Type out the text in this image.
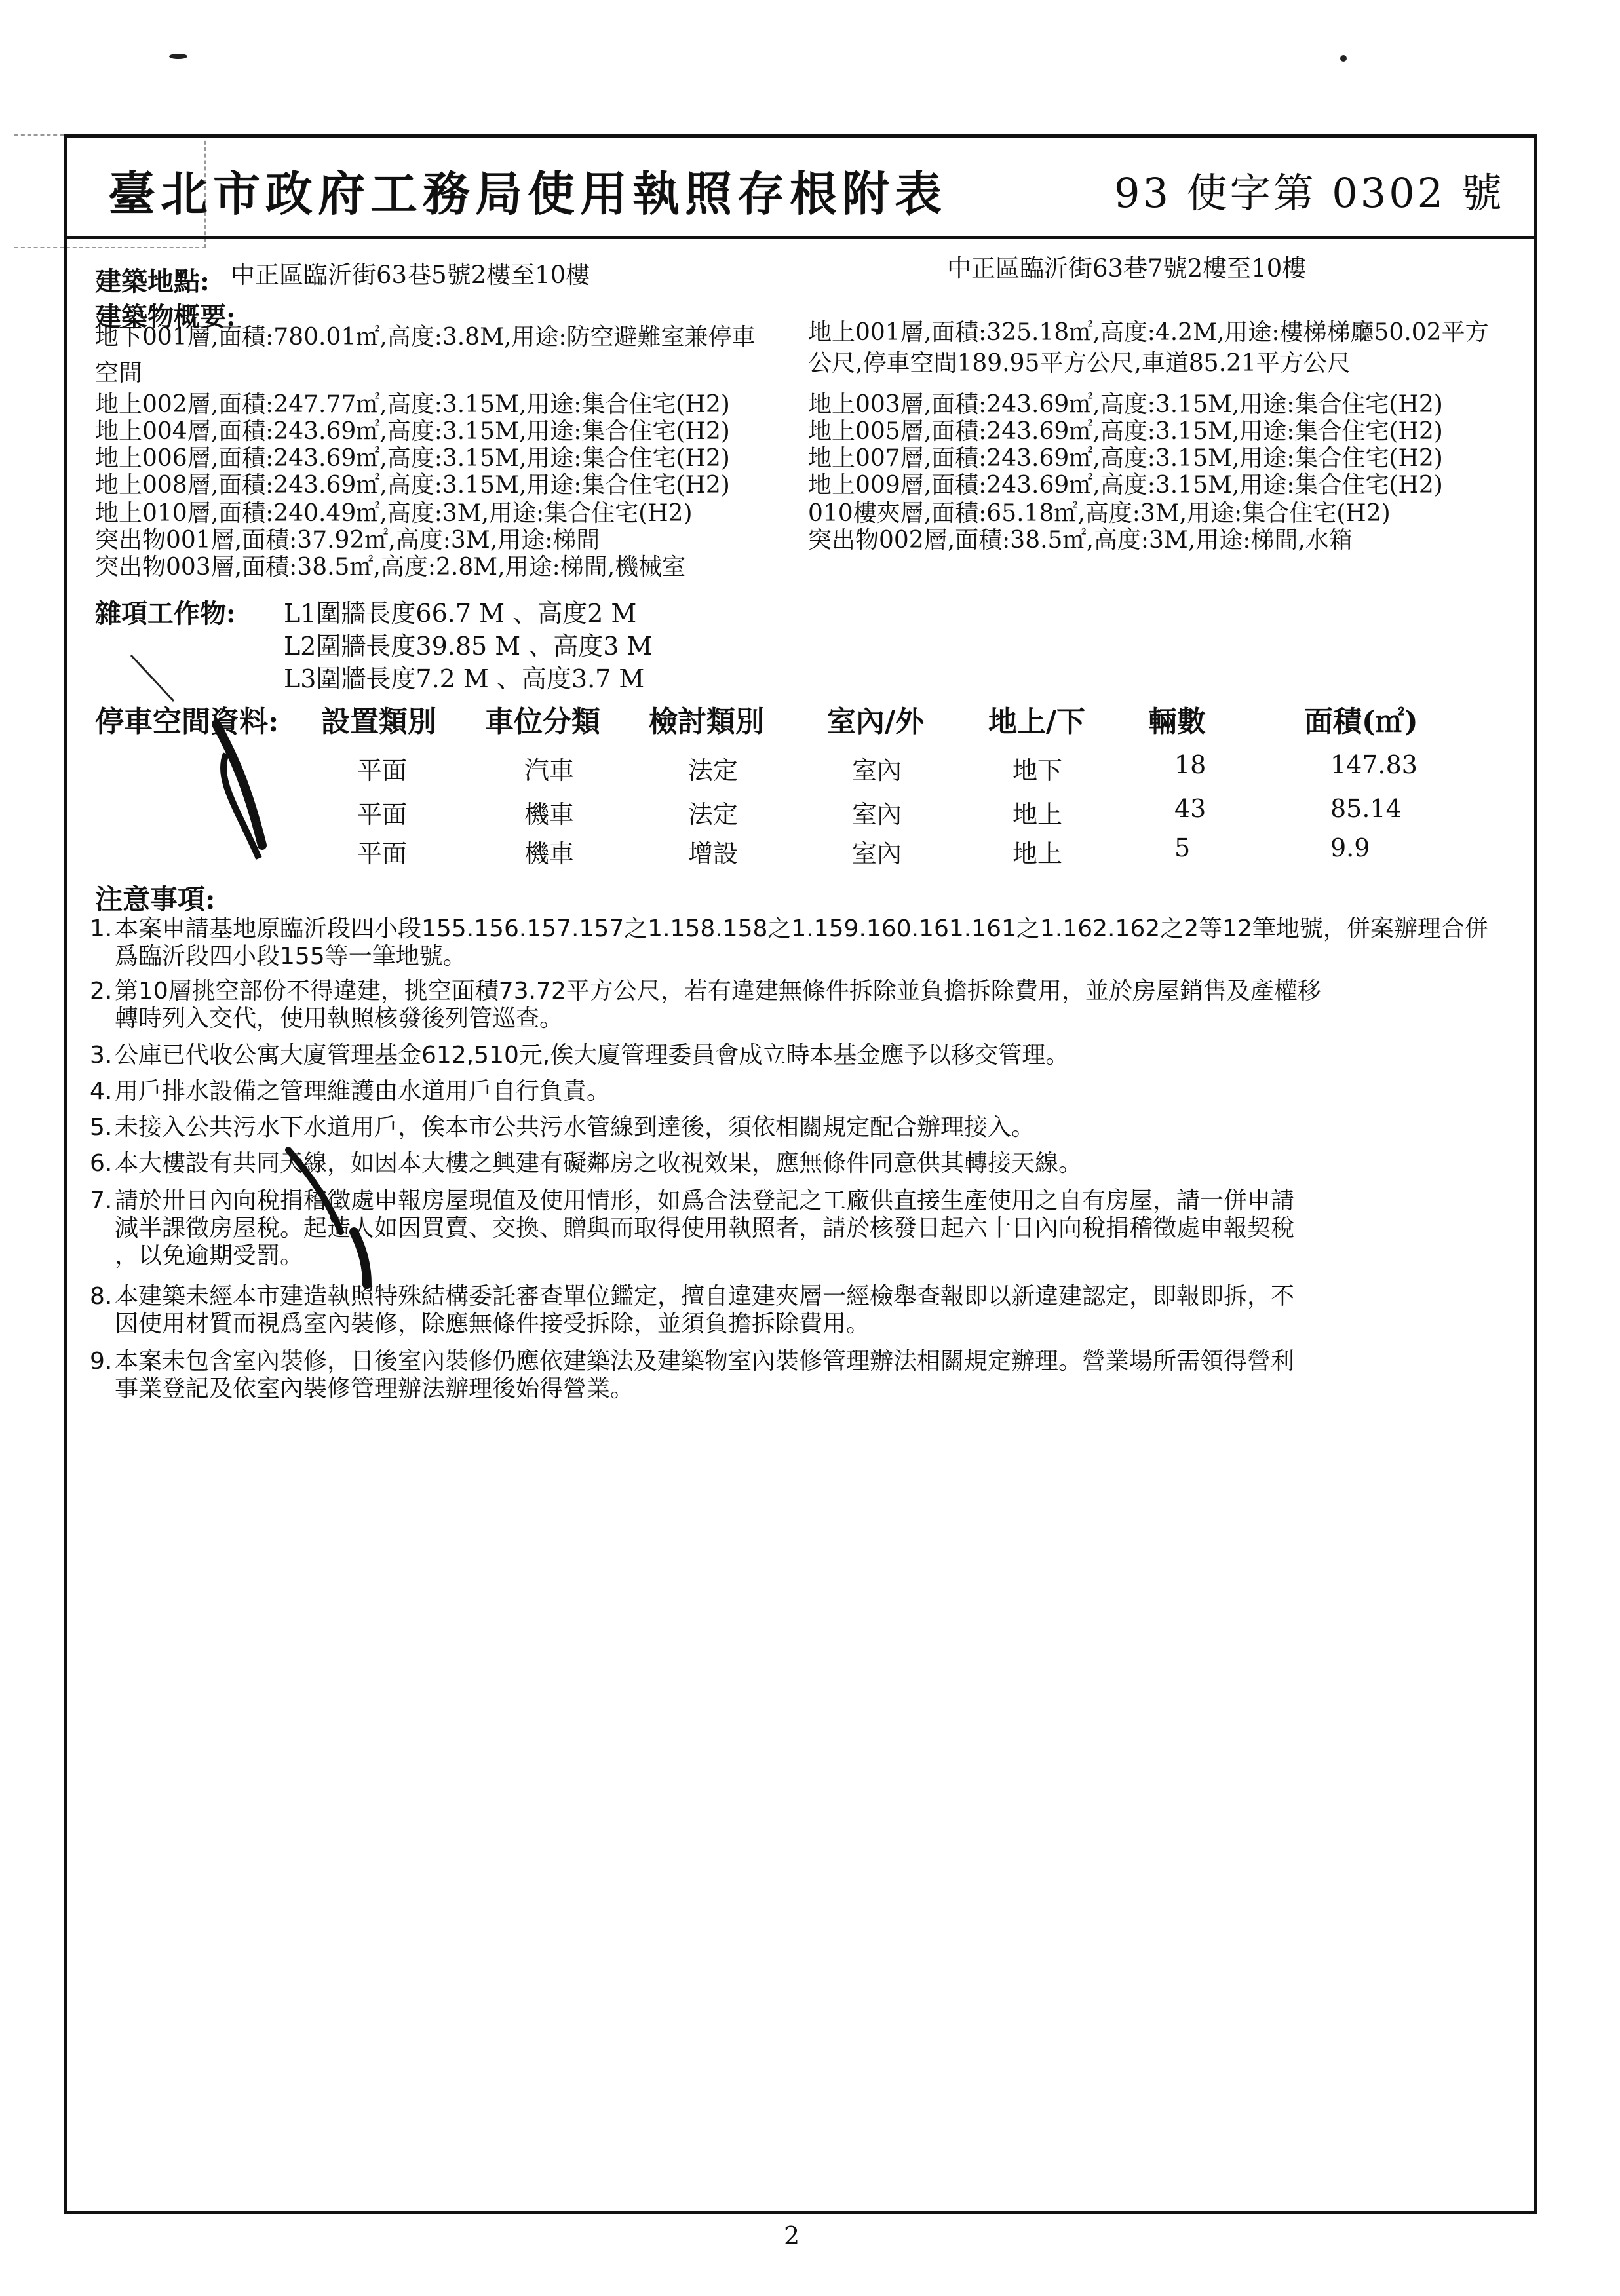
臺北市政府工務局使用執照存根附表	93 使字第 0302 號
建築地點: 中正區臨沂街63巷5號2樓至10樓	中正區臨沂街63巷7號2樓至10樓
建築物概要:
地下001層,面積:780.01㎡,高度:3.8M,用途:防空避難室兼停車
空間
地上002層,面積:247.77㎡,高度:3.15M,用途:集合住宅(H2)
地上004層,面積:243.69㎡,高度:3.15M,用途:集合住宅(H2)
地上006層,面積:243.69㎡,高度:3.15M,用途:集合住宅(H2)
地上008層,面積:243.69㎡,高度:3.15M,用途:集合住宅(H2)
地上010層,面積:240.49㎡,高度:3M,用途:集合住宅(H2)
突出物001層,面積:37.92㎡,高度:3M,用途:梯間
突出物003層,面積:38.5㎡,高度:2.8M,用途:梯間,機械室
地上001層,面積:325.18㎡,高度:4.2M,用途:樓梯梯廳50.02平方
公尺,停車空間189.95平方公尺,車道85.21平方公尺
地上003層,面積:243.69㎡,高度:3.15M,用途:集合住宅(H2)
地上005層,面積:243.69㎡,高度:3.15M,用途:集合住宅(H2)
地上007層,面積:243.69㎡,高度:3.15M,用途:集合住宅(H2)
地上009層,面積:243.69㎡,高度:3.15M,用途:集合住宅(H2)
010樓夾層,面積:65.18㎡,高度:3M,用途:集合住宅(H2)
突出物002層,面積:38.5㎡,高度:3M,用途:梯間,水箱
雜項工作物: L1圍牆長度66.7 M 、高度2 M
L2圍牆長度39.85 M 、高度3 M
L3圍牆長度7.2 M 、高度3.7 M
停車空間資料: 設置類別 車位分類 檢討類別 室內/外 地上/下 輛數	面積(㎡)
平面	汽車	法定	室內	地下	18	147.83
平面	機車	法定	室內	地上	43	85.14
平面	機車	增設	室內	地上	5	9.9
注意事項:
1. 本案申請基地原臨沂段四小段155.156.157.157之1.158.158之1.159.160.161.161之1.162.162之2等12筆地號，併案辦理合併
爲臨沂段四小段155等一筆地號。
2. 第10層挑空部份不得違建，挑空面積73.72平方公尺，若有違建無條件拆除並負擔拆除費用，並於房屋銷售及產權移
轉時列入交代，使用執照核發後列管巡查。
3. 公庫已代收公寓大廈管理基金612,510元,俟大廈管理委員會成立時本基金應予以移交管理。
4. 用戶排水設備之管理維護由水道用戶自行負責。
5. 未接入公共污水下水道用戶，俟本市公共污水管線到達後，須依相關規定配合辦理接入。
6. 本大樓設有共同天線，如因本大樓之興建有礙鄰房之收視效果，應無條件同意供其轉接天線。
7. 請於卅日內向稅捐稽徵處申報房屋現值及使用情形，如爲合法登記之工廠供直接生產使用之自有房屋，請一併申請
減半課徵房屋稅。起造人如因買賣、交換、贈與而取得使用執照者，請於核發日起六十日內向稅捐稽徵處申報契稅
，以免逾期受罰。
8. 本建築未經本市建造執照特殊結構委託審查單位鑑定，擅自違建夾層一經檢舉查報即以新違建認定，即報即拆，不
因使用材質而視爲室內裝修，除應無條件接受拆除，並須負擔拆除費用。
9. 本案未包含室內裝修，日後室內裝修仍應依建築法及建築物室內裝修管理辦法相關規定辦理。營業場所需領得營利
事業登記及依室內裝修管理辦法辦理後始得營業。
2
